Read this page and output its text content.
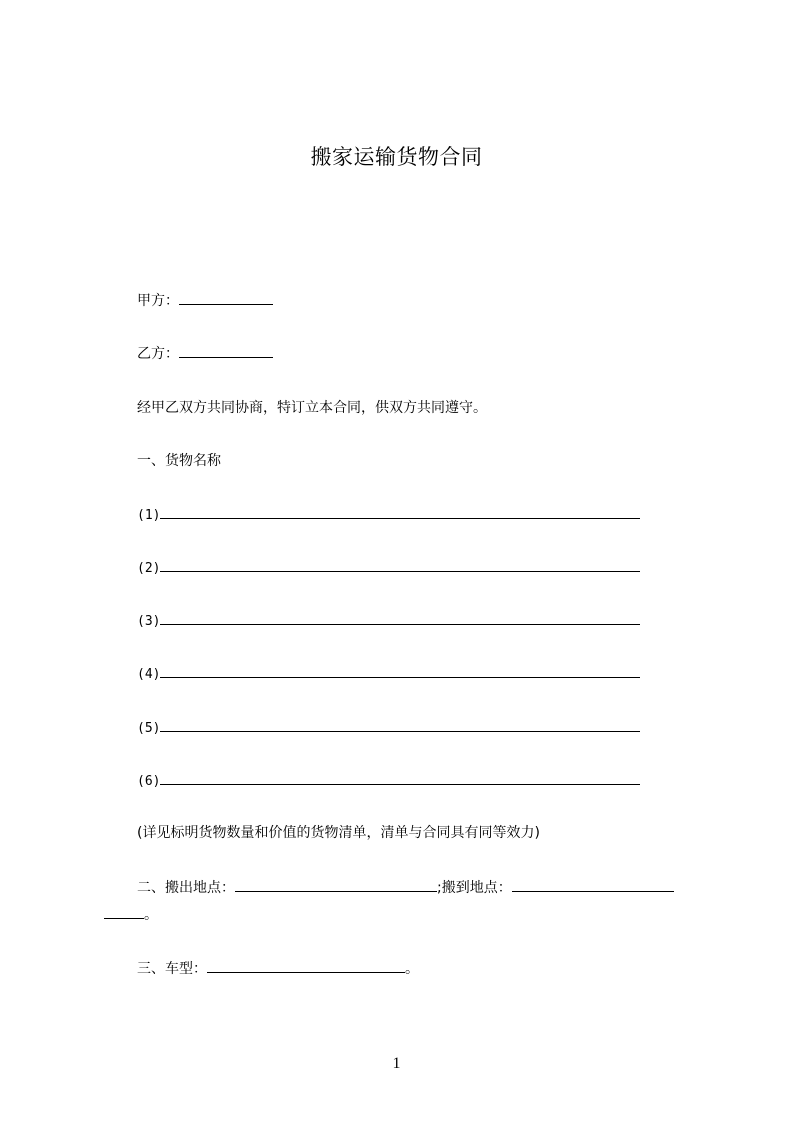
搬家运输货物合同
甲方：
乙方：
经甲乙双方共同协商，特订立本合同，供双方共同遵守。
一、货物名称
(1)
(2)
(3)
(4)
(5)
(6)
(详见标明货物数量和价值的货物清单，清单与合同具有同等效力)
二、搬出地点：	;搬到地点：
。
三、车型：	。
1
